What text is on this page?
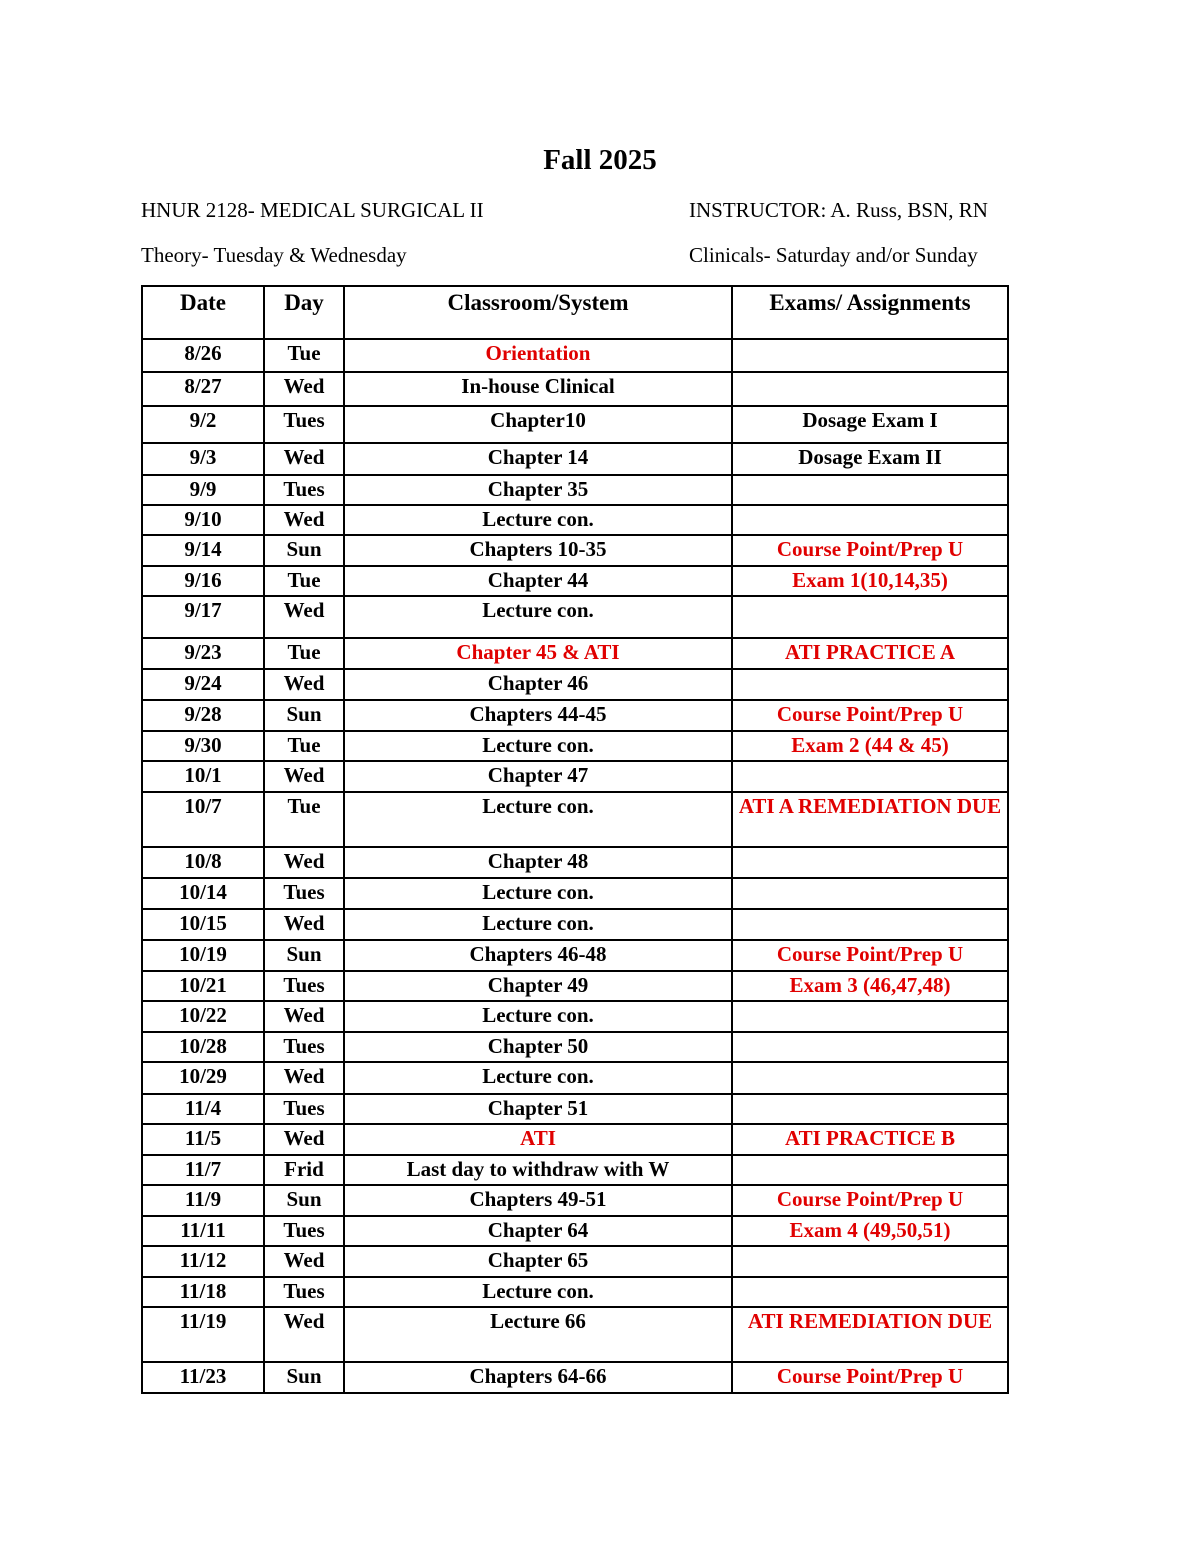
Fall 2025
HNUR 2128- MEDICAL SURGICAL II	INSTRUCTOR: A. Russ, BSN, RN
Theory- Tuesday & Wednesday	Clinicals- Saturday and/or Sunday
Date	Day	Classroom/System	Exams/ Assignments
8/26	Tue	Orientation	
8/27	Wed	In-house Clinical	
9/2	Tues	Chapter10	Dosage Exam I
9/3	Wed	Chapter 14	Dosage Exam II
9/9	Tues	Chapter 35	
9/10	Wed	Lecture con.	
9/14	Sun	Chapters 10-35	Course Point/Prep U
9/16	Tue	Chapter 44	Exam 1(10,14,35)
9/17	Wed	Lecture con.	
9/23	Tue	Chapter 45 & ATI	ATI PRACTICE A
9/24	Wed	Chapter 46	
9/28	Sun	Chapters 44-45	Course Point/Prep U
9/30	Tue	Lecture con.	Exam 2 (44 & 45)
10/1	Wed	Chapter 47	
10/7	Tue	Lecture con.	ATI A REMEDIATION DUE
10/8	Wed	Chapter 48	
10/14	Tues	Lecture con.	
10/15	Wed	Lecture con.	
10/19	Sun	Chapters 46-48	Course Point/Prep U
10/21	Tues	Chapter 49	Exam 3 (46,47,48)
10/22	Wed	Lecture con.	
10/28	Tues	Chapter 50	
10/29	Wed	Lecture con.	
11/4	Tues	Chapter 51	
11/5	Wed	ATI	ATI PRACTICE B
11/7	Frid	Last day to withdraw with W	
11/9	Sun	Chapters 49-51	Course Point/Prep U
11/11	Tues	Chapter 64	Exam 4 (49,50,51)
11/12	Wed	Chapter 65	
11/18	Tues	Lecture con.	
11/19	Wed	Lecture 66	ATI REMEDIATION DUE
11/23	Sun	Chapters 64-66	Course Point/Prep U
